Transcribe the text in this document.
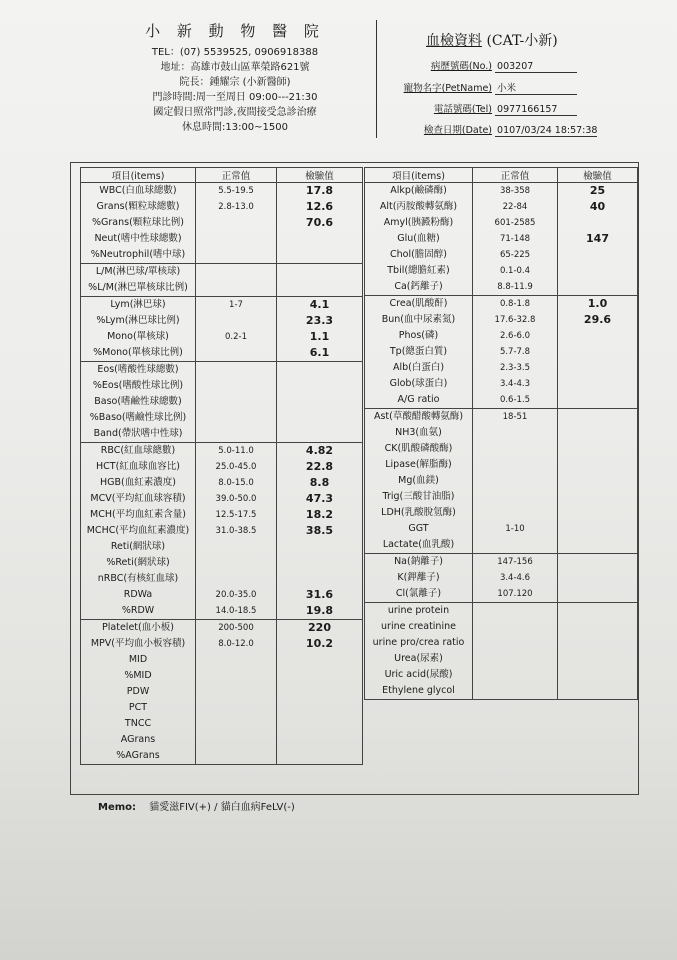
小 新 動 物 醫 院
TEL：(07) 5539525, 0906918388
地址：高雄市鼓山區華榮路621號
院長：鍾耀宗 (小新醫師)
門診時間:周一至周日 09:00---21:30
國定假日照常門診,夜間接受急診治療
休息時間:13:00~1500
血檢資料 (CAT-小新)
病歷號碼(No.) 003207
寵物名字(PetName) 小米
電話號碼(Tel) 0977166157
檢查日期(Date) 0107/03/24 18:57:38
項目(items)	正常值	檢驗值
WBC(白血球總數)	5.5-19.5	17.8
Grans(顆粒球總數)	2.8-13.0	12.6
%Grans(顆粒球比例)		70.6
Neut(嗜中性球總數)		
%Neutrophil(嗜中球)		
L/M(淋巴球/單核球)		
%L/M(淋巴單核球比例)		
Lym(淋巴球)	1-7	4.1
%Lym(淋巴球比例)		23.3
Mono(單核球)	0.2-1	1.1
%Mono(單核球比例)		6.1
Eos(嗜酸性球總數)		
%Eos(嗜酸性球比例)		
Baso(嗜鹼性球總數)		
%Baso(嗜鹼性球比例)		
Band(帶狀嗜中性球)		
RBC(紅血球總數)	5.0-11.0	4.82
HCT(紅血球血容比)	25.0-45.0	22.8
HGB(血紅素濃度)	8.0-15.0	8.8
MCV(平均紅血球容積)	39.0-50.0	47.3
MCH(平均血紅素含量)	12.5-17.5	18.2
MCHC(平均血紅素濃度)	31.0-38.5	38.5
Reti(網狀球)		
%Reti(網狀球)		
nRBC(有核紅血球)		
RDWa	20.0-35.0	31.6
%RDW	14.0-18.5	19.8
Platelet(血小板)	200-500	220
MPV(平均血小板容積)	8.0-12.0	10.2
MID		
%MID		
PDW		
PCT		
TNCC		
AGrans		
%AGrans		
項目(items)	正常值	檢驗值
Alkp(鹼磷酶)	38-358	25
Alt(丙胺酸轉氨酶)	22-84	40
Amyl(胰澱粉酶)	601-2585	
Glu(血糖)	71-148	147
Chol(膽固醇)	65-225	
Tbil(總膽紅素)	0.1-0.4	
Ca(鈣離子)	8.8-11.9	
Crea(肌酸酐)	0.8-1.8	1.0
Bun(血中尿素氮)	17.6-32.8	29.6
Phos(磷)	2.6-6.0	
Tp(總蛋白質)	5.7-7.8	
Alb(白蛋白)	2.3-3.5	
Glob(球蛋白)	3.4-4.3	
A/G ratio	0.6-1.5	
Ast(草酸醋酸轉氨酶)	18-51	
NH3(血氨)		
CK(肌酸磷酸酶)		
Lipase(解脂酶)		
Mg(血鎂)		
Trig(三酸甘油脂)		
LDH(乳酸脫氫酶)		
GGT	1-10	
Lactate(血乳酸)		
Na(鈉離子)	147-156	
K(鉀離子)	3.4-4.6	
Cl(氯離子)	107.120	
urine protein		
urine creatinine		
urine pro/crea ratio		
Urea(尿素)		
Uric acid(尿酸)		
Ethylene glycol		
Memo: 貓愛滋FIV(+) / 貓白血病FeLV(-)
